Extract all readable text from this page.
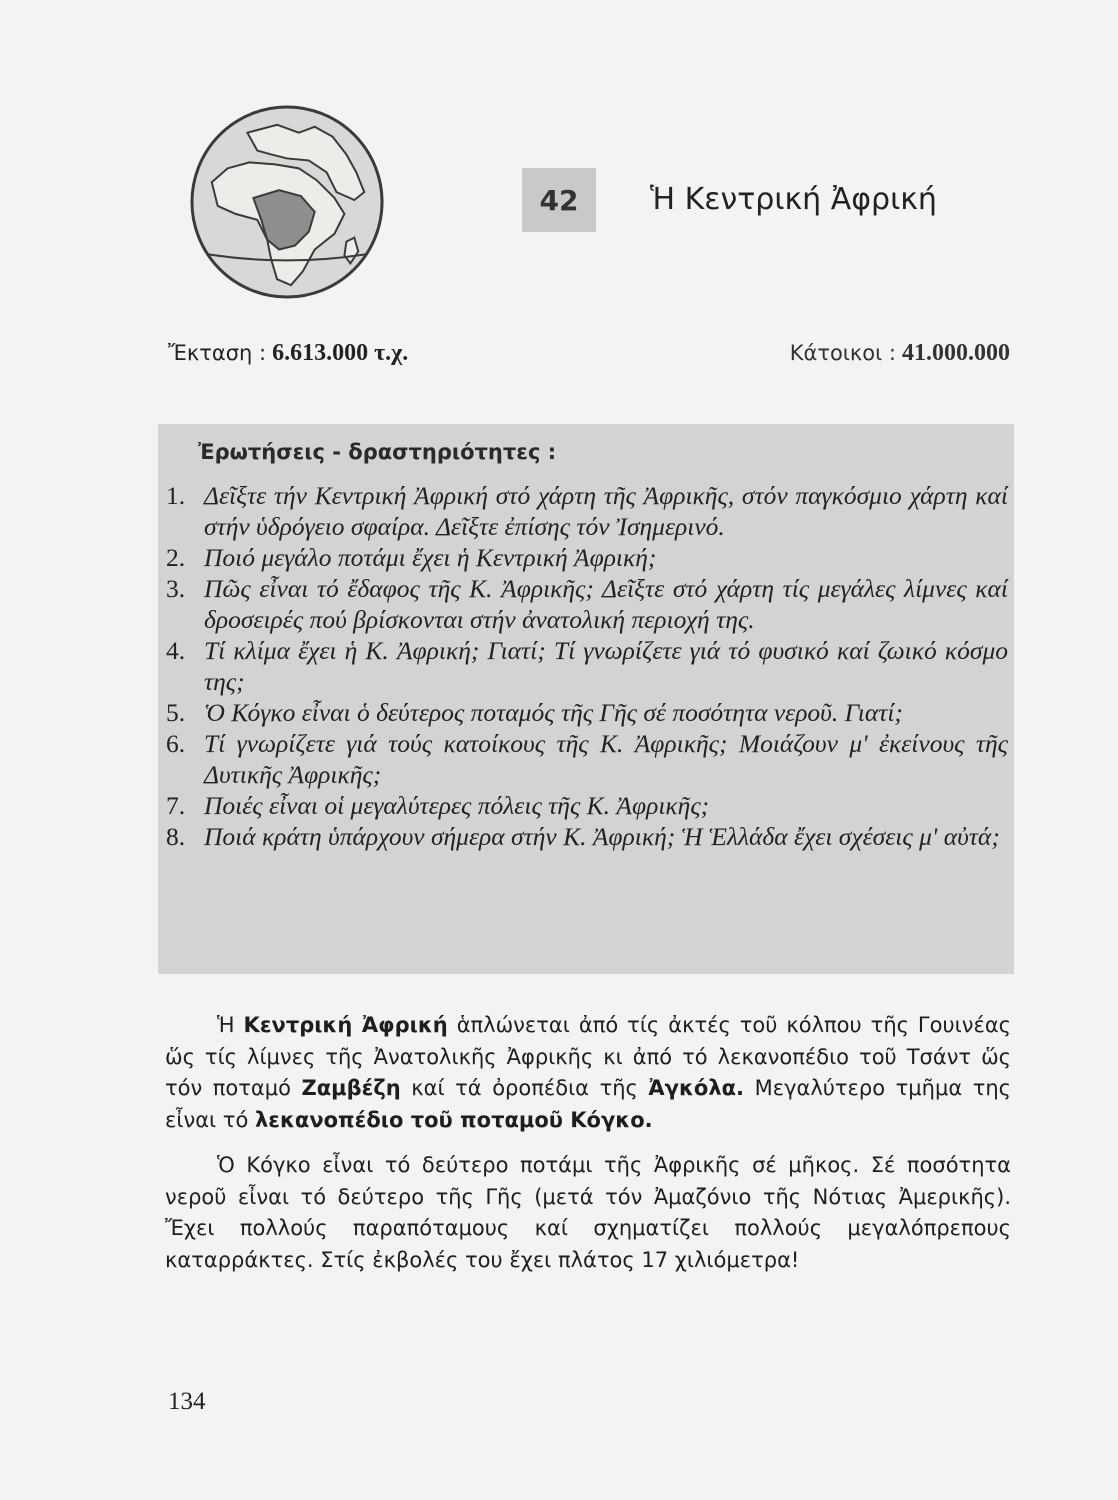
42	Ἡ Κεντρική Ἀφρική
Ἔκταση : 6.613.000 τ.χ.	Κάτοικοι : 41.000.000
Ἐρωτήσεις - δραστηριότητες :
1. Δεῖξτε τήν Κεντρική Ἀφρική στό χάρτη τῆς Ἀφρικῆς, στόν παγκόσμιο χάρτη καί στήν ὑδρόγειο σφαίρα. Δεῖξτε ἐπίσης τόν Ἰσημερινό.
2. Ποιό μεγάλο ποτάμι ἔχει ἡ Κεντρική Ἀφρική;
3. Πῶς εἶναι τό ἔδαφος τῆς Κ. Ἀφρικῆς; Δεῖξτε στό χάρτη τίς μεγάλες λίμνες καί δροσειρές πού βρίσκονται στήν ἀνατολική περιοχή της.
4. Τί κλίμα ἔχει ἡ Κ. Ἀφρική; Γιατί; Τί γνωρίζετε γιά τό φυσικό καί ζωικό κόσμο της;
5. Ὁ Κόγκο εἶναι ὁ δεύτερος ποταμός τῆς Γῆς σέ ποσότητα νεροῦ. Γιατί;
6. Τί γνωρίζετε γιά τούς κατοίκους τῆς Κ. Ἀφρικῆς; Μοιάζουν μ' ἐκείνους τῆς Δυτικῆς Ἀφρικῆς;
7. Ποιές εἶναι οἱ μεγαλύτερες πόλεις τῆς Κ. Ἀφρικῆς;
8. Ποιά κράτη ὑπάρχουν σήμερα στήν Κ. Ἀφρική; Ἡ Ἑλλάδα ἔχει σχέσεις μ' αὐτά;

Ἡ Κεντρική Ἀφρική ἁπλώνεται ἀπό τίς ἀκτές τοῦ κόλπου τῆς Γουινέας ὥς τίς λίμνες τῆς Ἀνατολικῆς Ἀφρικῆς κι ἀπό τό λεκανοπέδιο τοῦ Τσάντ ὥς τόν ποταμό Ζαμβέζη καί τά ὀροπέδια τῆς Ἀγκόλα. Μεγαλύτερο τμῆμα της εἶναι τό λεκανοπέδιο τοῦ ποταμοῦ Κόγκο.

Ὁ Κόγκο εἶναι τό δεύτερο ποτάμι τῆς Ἀφρικῆς σέ μῆκος. Σέ ποσότητα νεροῦ εἶναι τό δεύτερο τῆς Γῆς (μετά τόν Ἀμαζόνιο τῆς Νότιας Ἀμερικῆς). Ἔχει πολλούς παραπόταμους καί σχηματίζει πολλούς μεγαλόπρεπους καταρράκτες. Στίς ἐκβολές του ἔχει πλάτος 17 χιλιόμετρα!

134
